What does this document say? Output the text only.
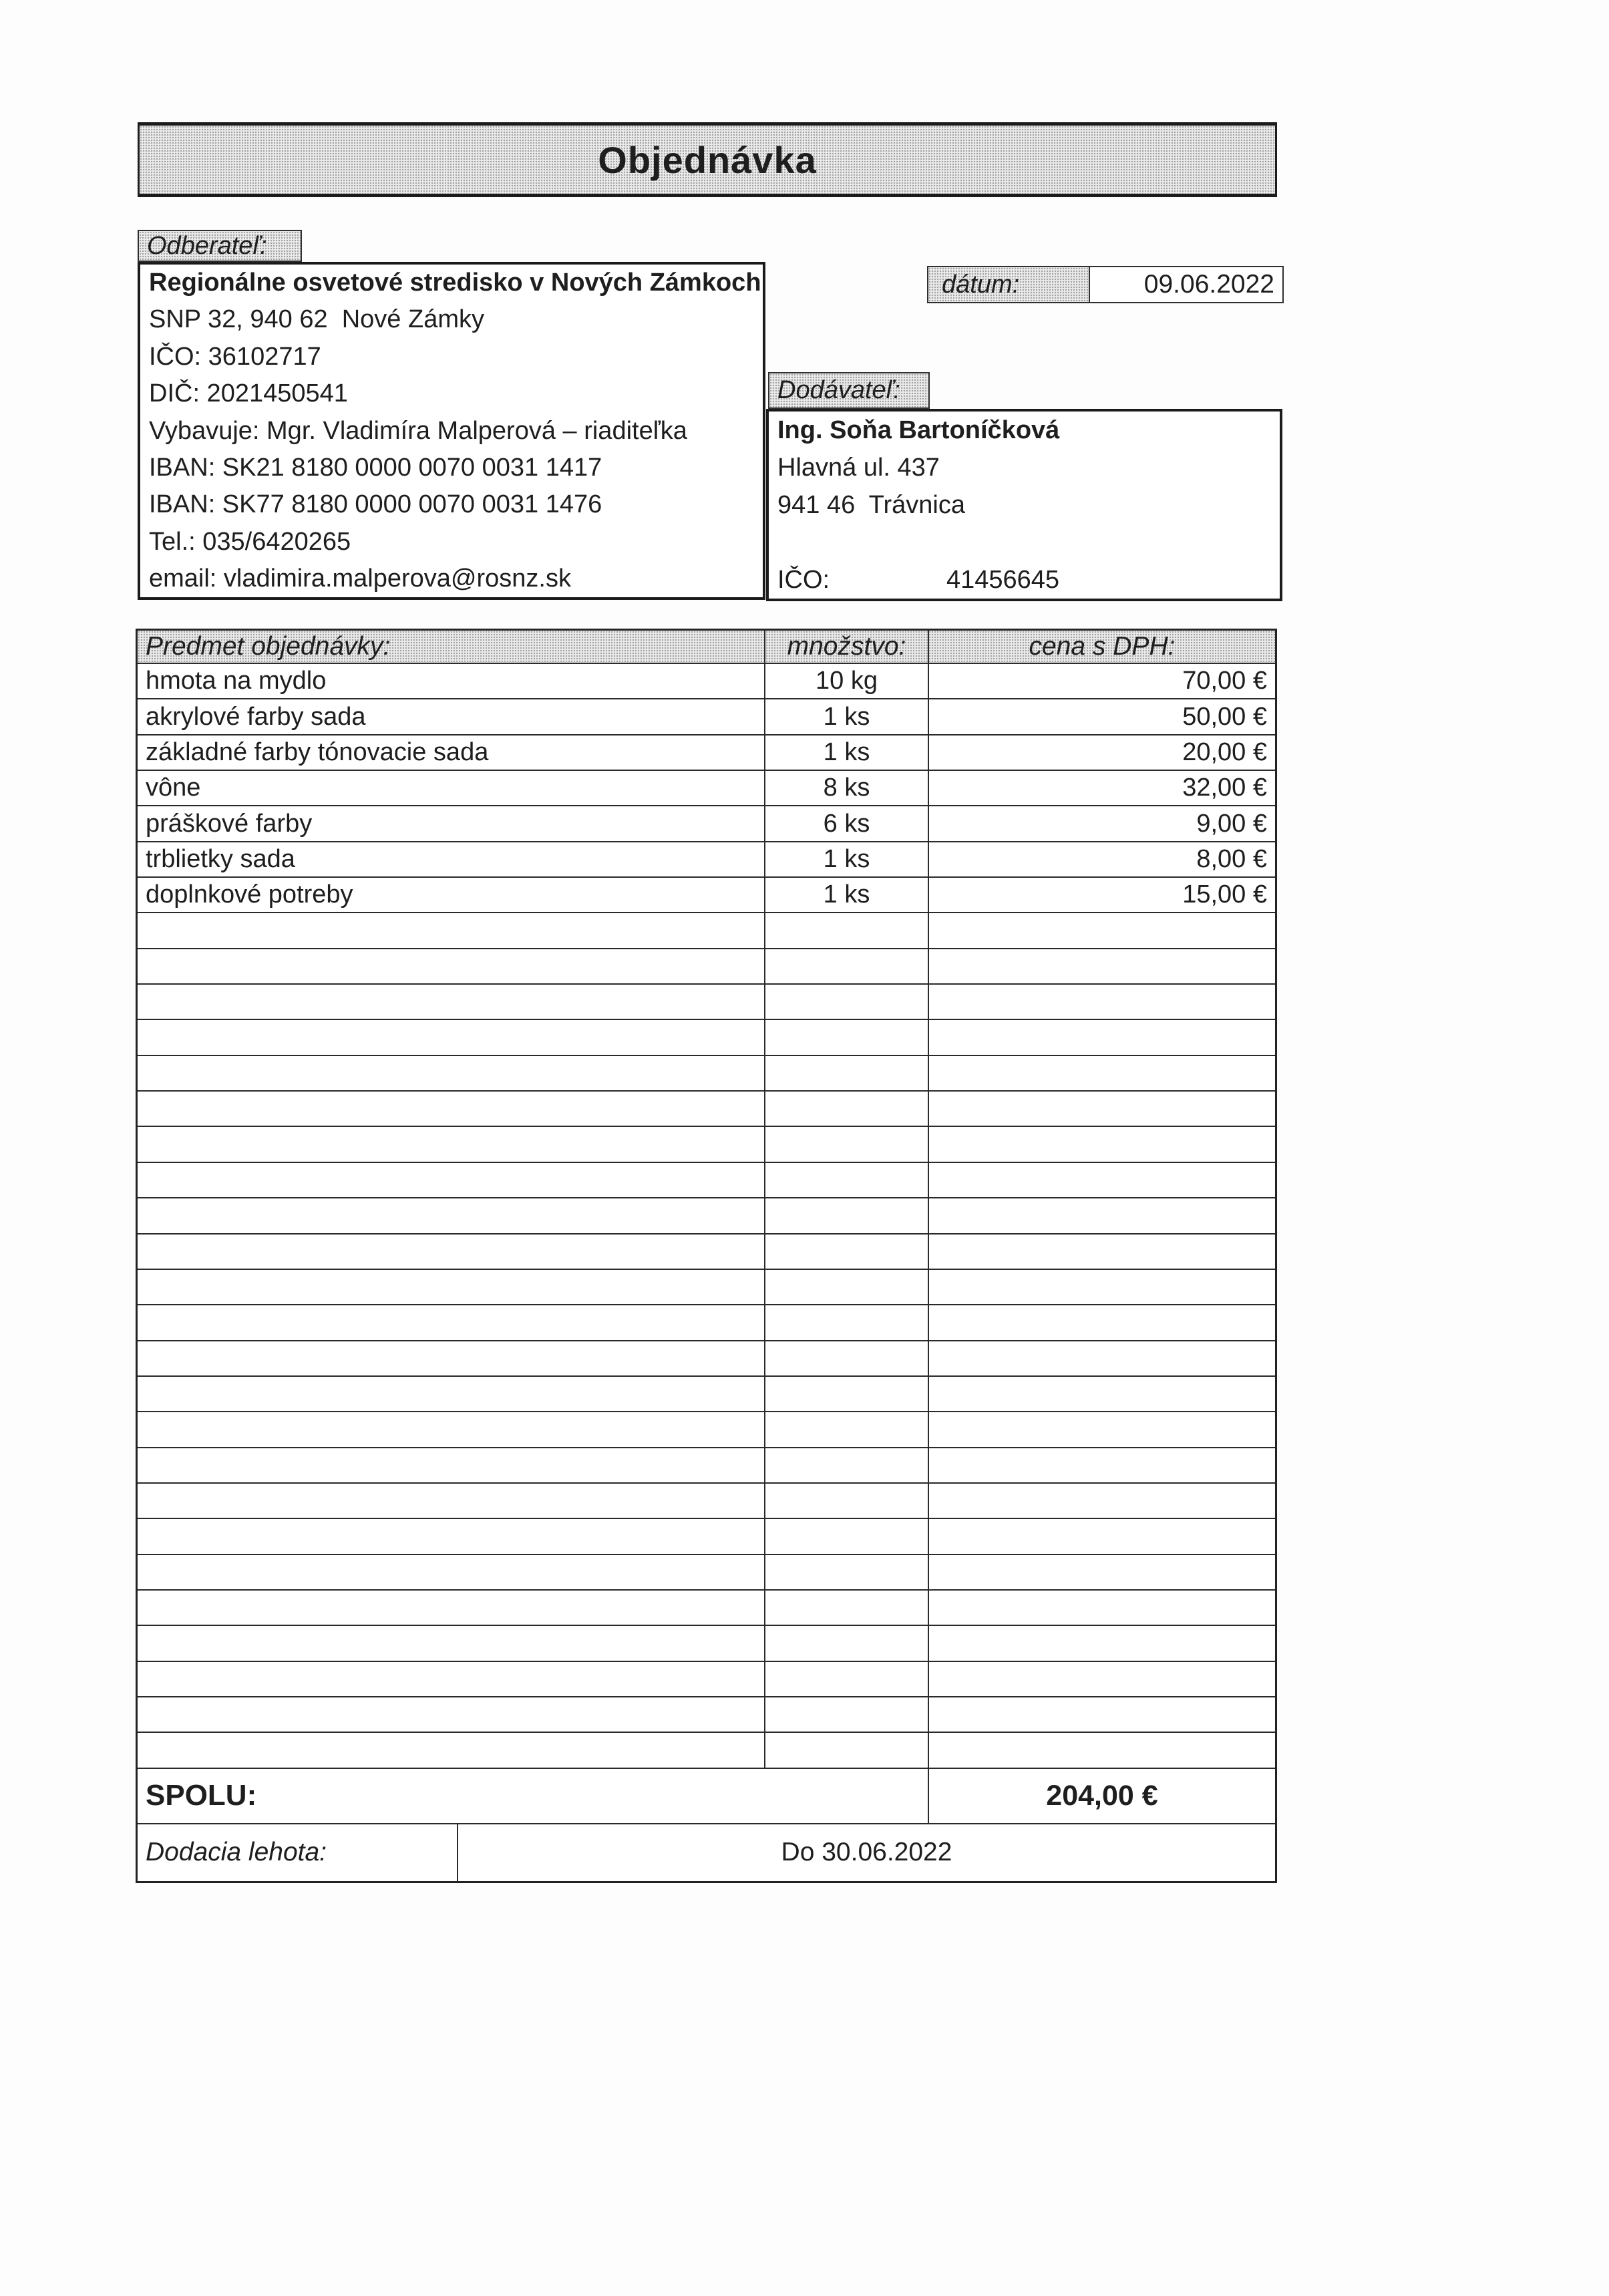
Objednávka
Odberateľ:
Regionálne osvetové stredisko v Nových Zámkoch
SNP 32, 940 62  Nové Zámky
IČO: 36102717
DIČ: 2021450541
Vybavuje: Mgr. Vladimíra Malperová – riaditeľka
IBAN: SK21 8180 0000 0070 0031 1417
IBAN: SK77 8180 0000 0070 0031 1476
Tel.: 035/6420265
email: vladimira.malperova@rosnz.sk
dátum:	09.06.2022
Dodávateľ:
Ing. Soňa Bartoníčková
Hlavná ul. 437
941 46  Trávnica

IČO:	41456645
Predmet objednávky:	množstvo:	cena s DPH:
hmota na mydlo	10 kg	70,00 €
akrylové farby sada	1 ks	50,00 €
základné farby tónovacie sada	1 ks	20,00 €
vône	8 ks	32,00 €
práškové farby	6 ks	9,00 €
trblietky sada	1 ks	8,00 €
doplnkové potreby	1 ks	15,00 €
SPOLU:	204,00 €
Dodacia lehota:	Do 30.06.2022
